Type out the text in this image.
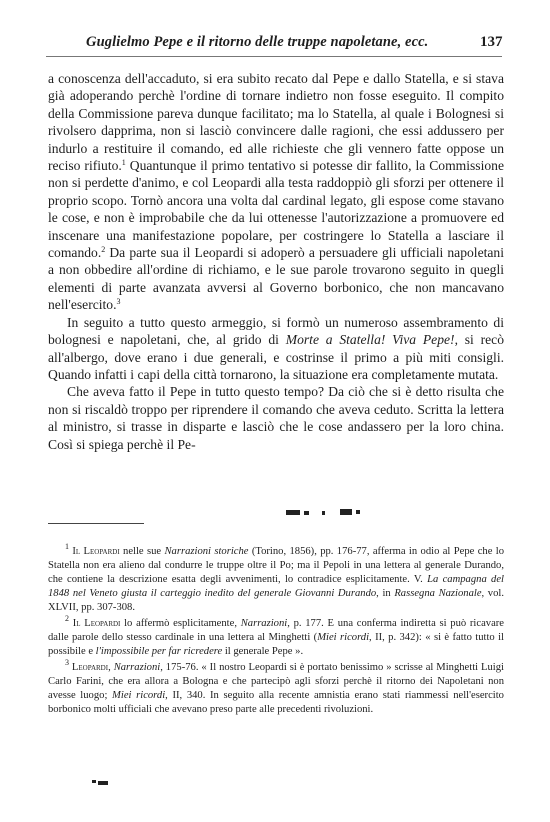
Guglielmo Pepe e il ritorno delle truppe napoletane, ecc.	137

a conoscenza dell'accaduto, si era subito recato dal Pepe e dallo Statella, e si stava già adoperando perchè l'ordine di tornare indietro non fosse eseguito. Il compito della Commissione pareva dunque facilitato; ma lo Statella, al quale i Bolognesi si rivolsero dapprima, non si lasciò convincere dalle ragioni, che essi addussero per indurlo a restituire il comando, ed alle richieste che gli vennero fatte oppose un reciso rifiuto.$^1$ Quantunque il primo tentativo si potesse dir fallito, la Commissione non si perdette d'animo, e col Leopardi alla testa raddoppiò gli sforzi per ottenere il proprio scopo. Tornò ancora una volta dal cardinal legato, gli espose come stavano le cose, e non è improbabile che da lui ottenesse l'autorizzazione a promuovere ed inscenare una manifestazione popolare, per costringere lo Statella a lasciare il comando.$^2$ Da parte sua il Leopardi si adoperò a persuadere gli ufficiali napoletani a non obbedire all'ordine di richiamo, e le sue parole trovarono seguito in quegli elementi di parte avanzata avversi al Governo borbonico, che non mancavano nell'esercito.$^3$

In seguito a tutto questo armeggio, si formò un numeroso assembramento di bolognesi e napoletani, che, al grido di Morte a Statella! Viva Pepe!, si recò all'albergo, dove erano i due generali, e costrinse il primo a più miti consigli. Quando infatti i capi della città tornarono, la situazione era completamente mutata.

Che aveva fatto il Pepe in tutto questo tempo? Da ciò che si è detto risulta che non si riscaldò troppo per riprendere il comando che aveva ceduto. Scritta la lettera al ministro, si trasse in disparte e lasciò che le cose andassero per la loro china. Così si spiega perchè il Pe-

$^1$ Il Leopardi nelle sue Narrazioni storiche (Torino, 1856), pp. 176-77, afferma in odio al Pepe che lo Statella non era alieno dal condurre le truppe oltre il Po; ma il Pepoli in una lettera al generale Durando, che contiene la descrizione esatta degli avvenimenti, lo contradice esplicitamente. V. La campagna del 1848 nel Veneto giusta il carteggio inedito del generale Giovanni Durando, in Rassegna Nazionale, vol. XLVII, pp. 307-308.

$^2$ Il Leopardi lo affermò esplicitamente, Narrazioni, p. 177. E una conferma indiretta si può ricavare dalle parole dello stesso cardinale in una lettera al Minghetti (Miei ricordi, II, p. 342): « si è fatto tutto il possibile e l'impossibile per far ricredere il generale Pepe ».

$^3$ Leopardi, Narrazioni, 175-76. « Il nostro Leopardi si è portato benissimo » scrisse al Minghetti Luigi Carlo Farini, che era allora a Bologna e che partecipò agli sforzi perchè il ritorno dei Napoletani non avesse luogo; Miei ricordi, II, 340. In seguito alla recente amnistia erano stati riammessi nell'esercito borbonico molti ufficiali che avevano preso parte alle precedenti rivoluzioni.
